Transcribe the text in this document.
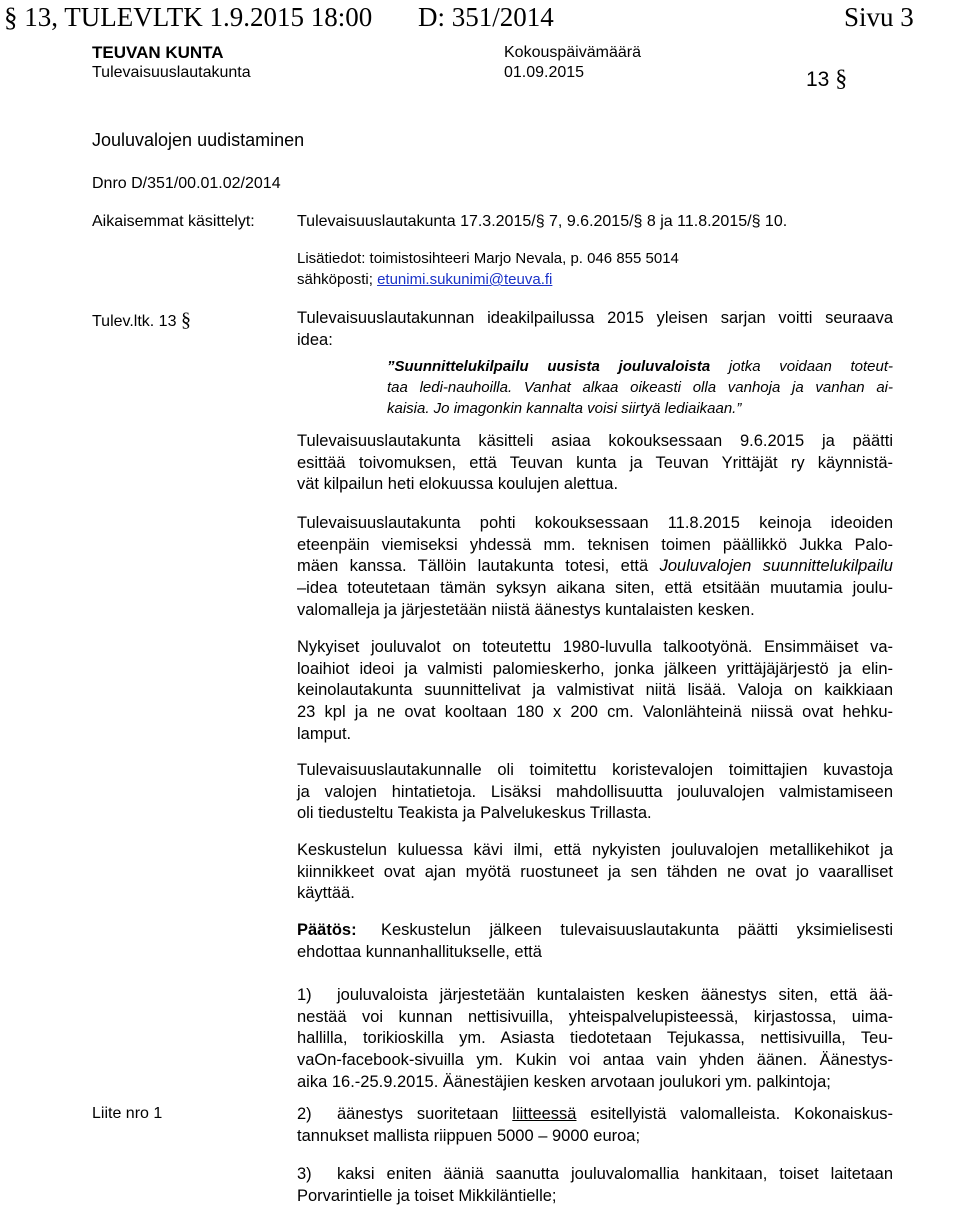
§ 13, TULEVLTK 1.9.2015 18:00 D: 351/2014	Sivu 3
TEUVAN KUNTA
Tulevaisuuslautakunta
Kokouspäivämäärä
01.09.2015	13 §
Jouluvalojen uudistaminen
Dnro D/351/00.01.02/2014
Aikaisemmat käsittelyt:	Tulevaisuuslautakunta 17.3.2015/§ 7, 9.6.2015/§ 8 ja 11.8.2015/§ 10.
Lisätiedot: toimistosihteeri Marjo Nevala, p. 046 855 5014
sähköposti; etunimi.sukunimi@teuva.fi
Tulev.ltk. 13 §	Tulevaisuuslautakunnan ideakilpailussa 2015 yleisen sarjan voitti seuraava
idea:
”Suunnittelukilpailu uusista jouluvaloista jotka voidaan toteut-
taa ledi-nauhoilla. Vanhat alkaa oikeasti olla vanhoja ja vanhan ai-
kaisia. Jo imagonkin kannalta voisi siirtyä lediaikaan.”
Tulevaisuuslautakunta käsitteli asiaa kokouksessaan 9.6.2015 ja päätti
esittää toivomuksen, että Teuvan kunta ja Teuvan Yrittäjät ry käynnistä-
vät kilpailun heti elokuussa koulujen alettua.
Tulevaisuuslautakunta pohti kokouksessaan 11.8.2015 keinoja ideoiden
eteenpäin viemiseksi yhdessä mm. teknisen toimen päällikkö Jukka Palo-
mäen kanssa. Tällöin lautakunta totesi, että Jouluvalojen suunnittelukilpailu
–idea toteutetaan tämän syksyn aikana siten, että etsitään muutamia joulu-
valomalleja ja järjestetään niistä äänestys kuntalaisten kesken.
Nykyiset jouluvalot on toteutettu 1980-luvulla talkootyönä. Ensimmäiset va-
loaihiot ideoi ja valmisti palomieskerho, jonka jälkeen yrittäjäjärjestö ja elin-
keinolautakunta suunnittelivat ja valmistivat niitä lisää. Valoja on kaikkiaan
23 kpl ja ne ovat kooltaan 180 x 200 cm. Valonlähteinä niissä ovat hehku-
lamput.
Tulevaisuuslautakunnalle oli toimitettu koristevalojen toimittajien kuvastoja
ja valojen hintatietoja. Lisäksi mahdollisuutta jouluvalojen valmistamiseen
oli tiedusteltu Teakista ja Palvelukeskus Trillasta.
Keskustelun kuluessa kävi ilmi, että nykyisten jouluvalojen metallikehikot ja
kiinnikkeet ovat ajan myötä ruostuneet ja sen tähden ne ovat jo vaaralliset
käyttää.
Päätös: Keskustelun jälkeen tulevaisuuslautakunta päätti yksimielisesti
ehdottaa kunnanhallitukselle, että
1) jouluvaloista järjestetään kuntalaisten kesken äänestys siten, että ää-
nestää voi kunnan nettisivuilla, yhteispalvelupisteessä, kirjastossa, uima-
hallilla, torikioskilla ym. Asiasta tiedotetaan Tejukassa, nettisivuilla, Teu-
vaOn-facebook-sivuilla ym. Kukin voi antaa vain yhden äänen. Äänestys-
aika 16.-25.9.2015. Äänestäjien kesken arvotaan joulukori ym. palkintoja;
Liite nro 1	2) äänestys suoritetaan liitteessä esitellyistä valomalleista. Kokonaiskus-
tannukset mallista riippuen 5000 – 9000 euroa;
3) kaksi eniten ääniä saanutta jouluvalomallia hankitaan, toiset laitetaan
Porvarintielle ja toiset Mikkiläntielle;
